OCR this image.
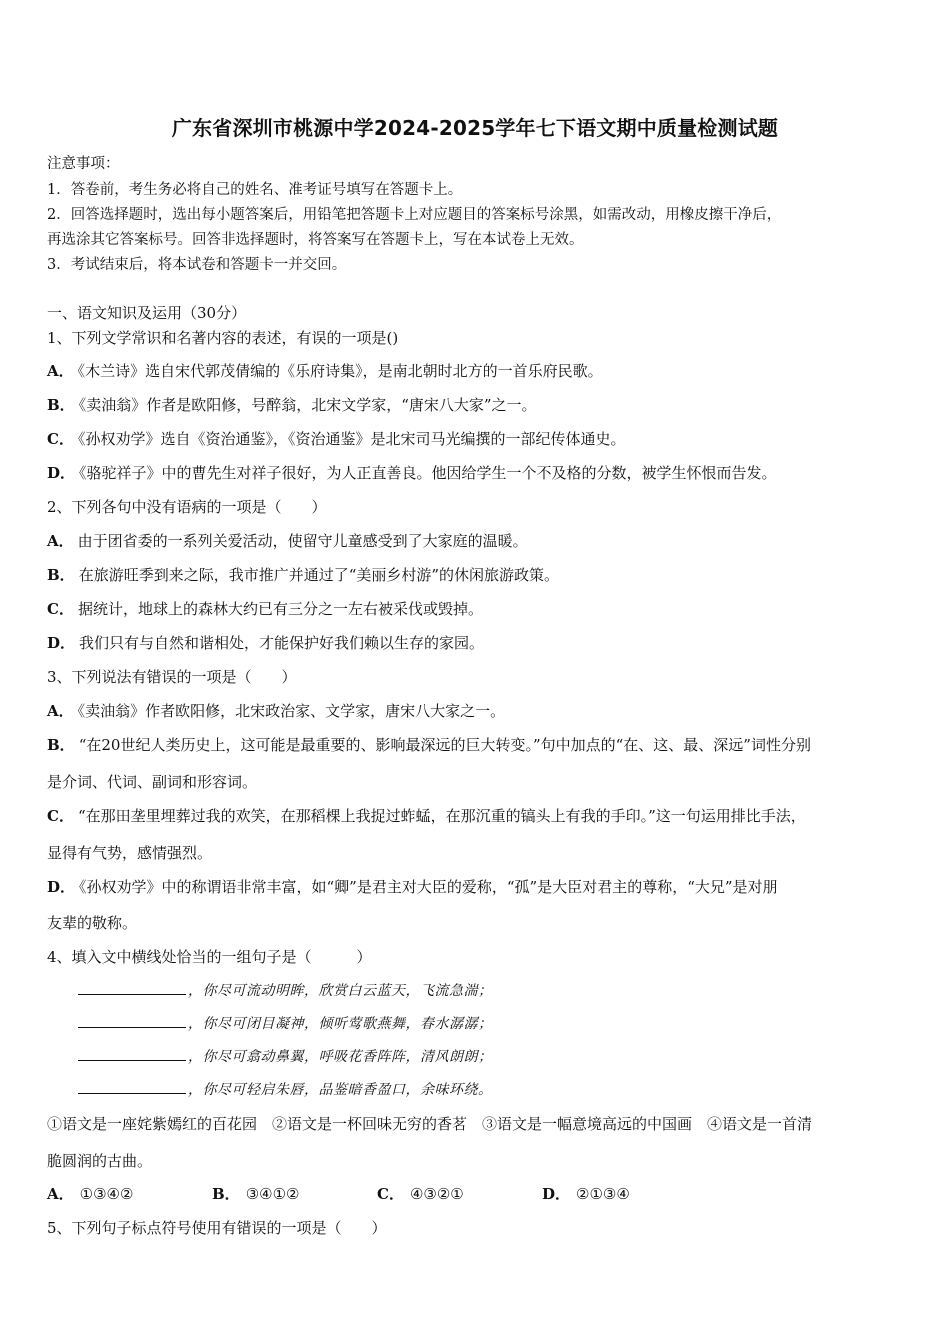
广东省深圳市桃源中学2024-2025学年七下语文期中质量检测试题
注意事项：
1．答卷前，考生务必将自己的姓名、准考证号填写在答题卡上。
2．回答选择题时，选出每小题答案后，用铅笔把答题卡上对应题目的答案标号涂黑，如需改动，用橡皮擦干净后，
再选涂其它答案标号。回答非选择题时，将答案写在答题卡上，写在本试卷上无效。
3．考试结束后，将本试卷和答题卡一并交回。
一、语文知识及运用（30分）
1、下列文学常识和名著内容的表述，有误的一项是()
A． 《木兰诗》选自宋代郭茂倩编的《乐府诗集》，是南北朝时北方的一首乐府民歌。
B． 《卖油翁》作者是欧阳修，号醉翁，北宋文学家，“唐宋八大家”之一。
C． 《孙权劝学》选自《资治通鉴》，《资治通鉴》是北宋司马光编撰的一部纪传体通史。
D． 《骆驼祥子》中的曹先生对祥子很好，为人正直善良。他因给学生一个不及格的分数，被学生怀恨而告发。
2、下列各句中没有语病的一项是（　　）
A． 由于团省委的一系列关爱活动，使留守儿童感受到了大家庭的温暖。
B． 在旅游旺季到来之际，我市推广并通过了“美丽乡村游”的休闲旅游政策。
C． 据统计，地球上的森林大约已有三分之一左右被采伐或毁掉。
D． 我们只有与自然和谐相处，才能保护好我们赖以生存的家园。
3、下列说法有错误的一项是（　　）
A． 《卖油翁》作者欧阳修，北宋政治家、文学家，唐宋八大家之一。
B． “在20世纪人类历史上，这可能是最重要的、影响最深远的巨大转变。”句中加点的“在、这、最、深远”词性分别
是介词、代词、副词和形容词。
C． “在那田垄里埋葬过我的欢笑，在那稻棵上我捉过蚱蜢，在那沉重的镐头上有我的手印。”这一句运用排比手法，
显得有气势，感情强烈。
D． 《孙权劝学》中的称谓语非常丰富，如“卿”是君主对大臣的爱称，“孤”是大臣对君主的尊称，“大兄”是对朋
友辈的敬称。
4、填入文中横线处恰当的一组句子是（　　　）
，你尽可流动明眸，欣赏白云蓝天，飞流急湍；
，你尽可闭目凝神，倾听莺歌燕舞，春水潺潺；
，你尽可翕动鼻翼，呼吸花香阵阵，清风朗朗；
，你尽可轻启朱唇，品鉴暗香盈口，余味环绕。
①语文是一座姹紫嫣红的百花园　②语文是一杯回味无穷的香茗　③语文是一幅意境高远的中国画　④语文是一首清
脆圆润的古曲。
A． ①③④②	B． ③④①②	C． ④③②①	D． ②①③④
5、下列句子标点符号使用有错误的一项是（　　）
